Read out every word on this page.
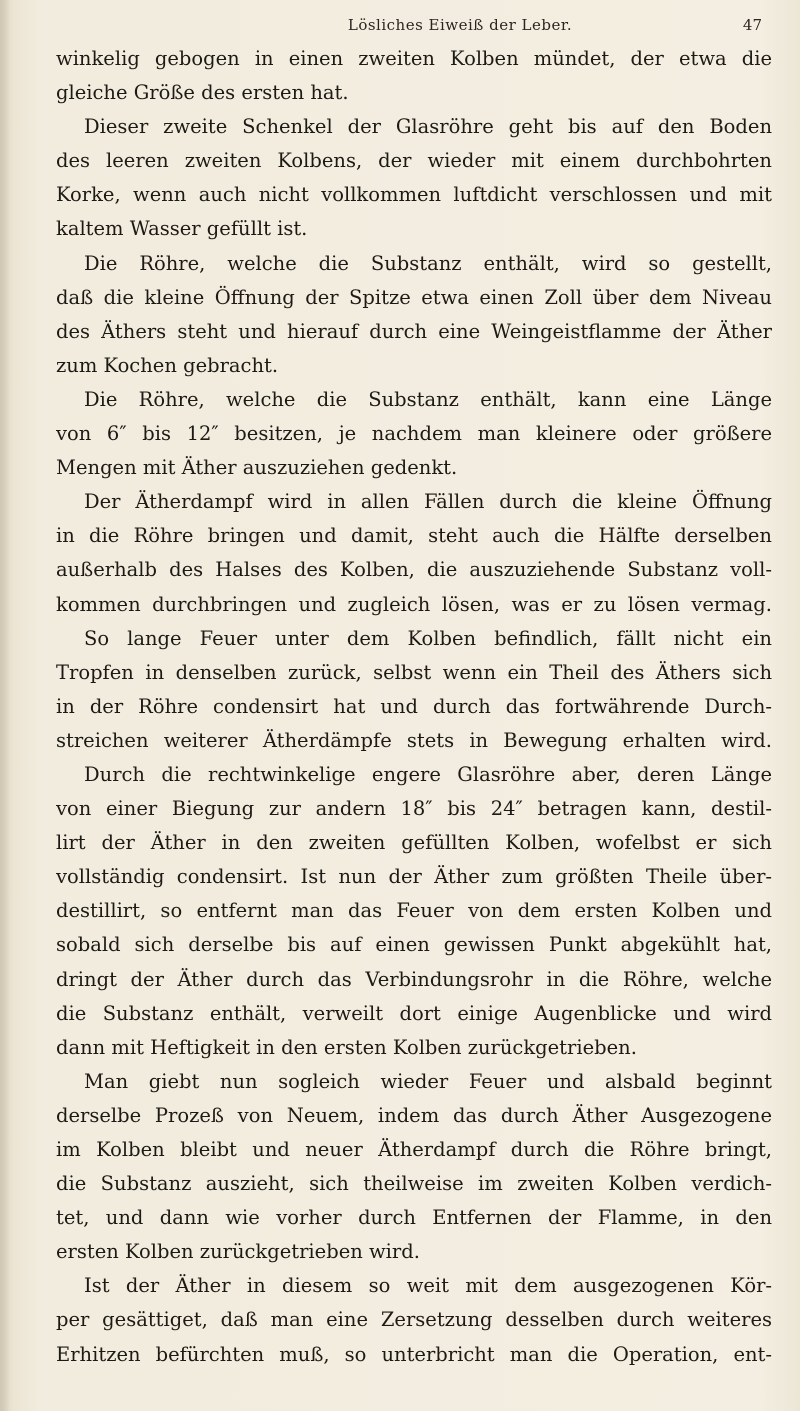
Lösliches Eiweiß der Leber.	47
winkelig gebogen in einen zweiten Kolben mündet, der etwa die
gleiche Größe des ersten hat.
Dieser zweite Schenkel der Glasröhre geht bis auf den Boden
des leeren zweiten Kolbens, der wieder mit einem durchbohrten
Korke, wenn auch nicht vollkommen luftdicht verschlossen und mit
kaltem Wasser gefüllt ist.
Die Röhre, welche die Substanz enthält, wird so gestellt,
daß die kleine Öffnung der Spitze etwa einen Zoll über dem Niveau
des Äthers steht und hierauf durch eine Weingeistflamme der Äther
zum Kochen gebracht.
Die Röhre, welche die Substanz enthält, kann eine Länge
von 6″ bis 12″ besitzen, je nachdem man kleinere oder größere
Mengen mit Äther auszuziehen gedenkt.
Der Ätherdampf wird in allen Fällen durch die kleine Öffnung
in die Röhre bringen und damit, steht auch die Hälfte derselben
außerhalb des Halses des Kolben, die auszuziehende Substanz voll-
kommen durchbringen und zugleich lösen, was er zu lösen vermag.
So lange Feuer unter dem Kolben befindlich, fällt nicht ein
Tropfen in denselben zurück, selbst wenn ein Theil des Äthers sich
in der Röhre condensirt hat und durch das fortwährende Durch-
streichen weiterer Ätherdämpfe stets in Bewegung erhalten wird.
Durch die rechtwinkelige engere Glasröhre aber, deren Länge
von einer Biegung zur andern 18″ bis 24″ betragen kann, destil-
lirt der Äther in den zweiten gefüllten Kolben, wofelbst er sich
vollständig condensirt. Ist nun der Äther zum größten Theile über-
destillirt, so entfernt man das Feuer von dem ersten Kolben und
sobald sich derselbe bis auf einen gewissen Punkt abgekühlt hat,
dringt der Äther durch das Verbindungsrohr in die Röhre, welche
die Substanz enthält, verweilt dort einige Augenblicke und wird
dann mit Heftigkeit in den ersten Kolben zurückgetrieben.
Man giebt nun sogleich wieder Feuer und alsbald beginnt
derselbe Prozeß von Neuem, indem das durch Äther Ausgezogene
im Kolben bleibt und neuer Ätherdampf durch die Röhre bringt,
die Substanz auszieht, sich theilweise im zweiten Kolben verdich-
tet, und dann wie vorher durch Entfernen der Flamme, in den
ersten Kolben zurückgetrieben wird.
Ist der Äther in diesem so weit mit dem ausgezogenen Kör-
per gesättiget, daß man eine Zersetzung desselben durch weiteres
Erhitzen befürchten muß, so unterbricht man die Operation, ent-
